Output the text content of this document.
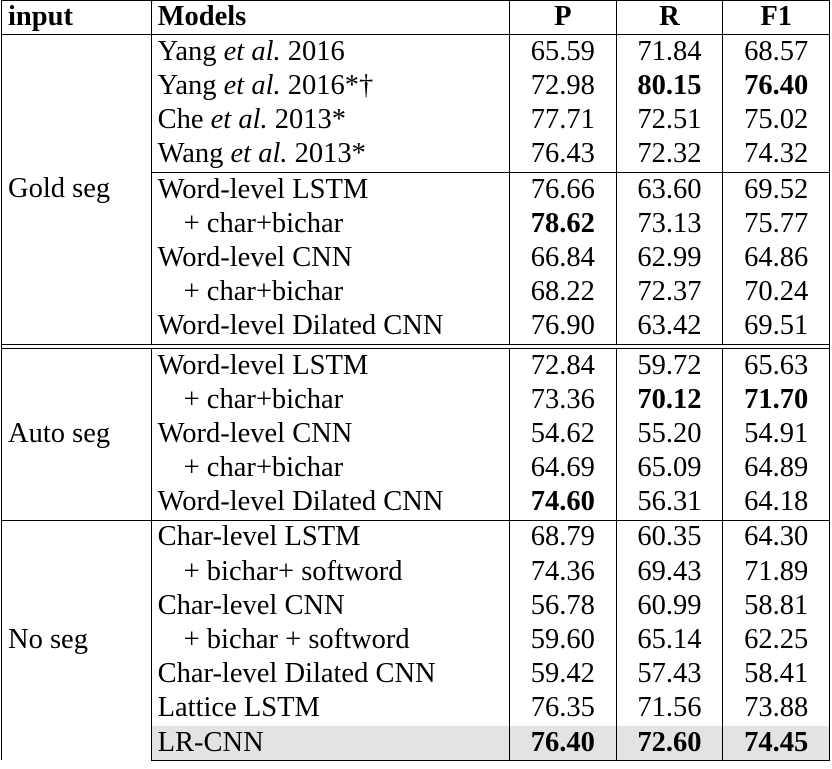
input	Models	P	R	F1
Gold seg	Yang et al. 2016	65.59	71.84	68.57
	Yang et al. 2016*†	72.98	80.15	76.40
	Che et al. 2013*	77.71	72.51	75.02
	Wang et al. 2013*	76.43	72.32	74.32
	Word-level LSTM	76.66	63.60	69.52
	+ char+bichar	78.62	73.13	75.77
	Word-level CNN	66.84	62.99	64.86
	+ char+bichar	68.22	72.37	70.24
	Word-level Dilated CNN	76.90	63.42	69.51

Auto seg	Word-level LSTM	72.84	59.72	65.63
	+ char+bichar	73.36	70.12	71.70
	Word-level CNN	54.62	55.20	54.91
	+ char+bichar	64.69	65.09	64.89
	Word-level Dilated CNN	74.60	56.31	64.18
No seg	Char-level LSTM	68.79	60.35	64.30
	+ bichar+ softword	74.36	69.43	71.89
	Char-level CNN	56.78	60.99	58.81
	+ bichar + softword	59.60	65.14	62.25
	Char-level Dilated CNN	59.42	57.43	58.41
	Lattice LSTM	76.35	71.56	73.88
	LR-CNN	76.40	72.60	74.45
